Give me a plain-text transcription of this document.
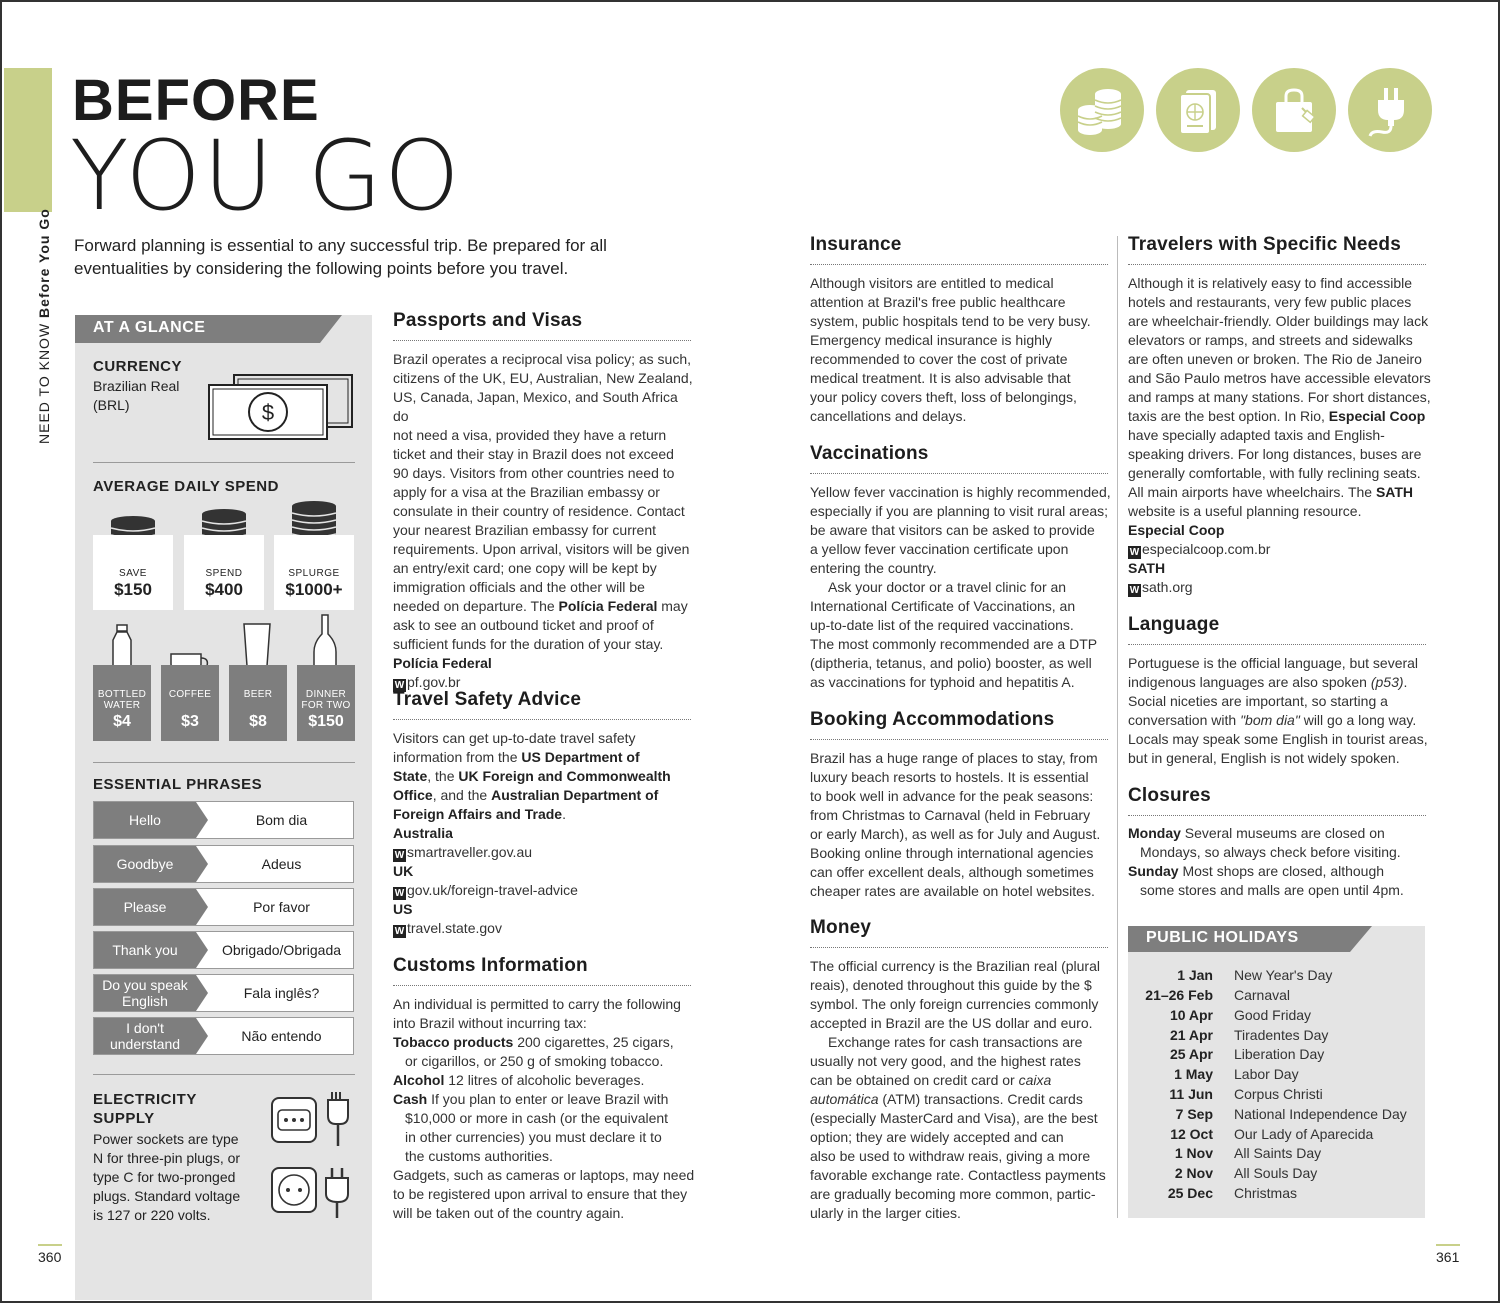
NEED TO KNOW Before You Go
BEFORE
YOU GO
Forward planning is essential to any successful trip. Be prepared for all eventualities by considering the following points before you travel.
AT A GLANCE
CURRENCY
Brazilian Real
(BRL)	$
AVERAGE DAILY SPEND
SAVE
$150
SPEND
$400
SPLURGE
$1000+
BOTTLED
WATER
$4
COFFEE

$3
BEER

$8
DINNER
FOR TWO
$150
ESSENTIAL PHRASES
Hello	Bom dia
Goodbye	Adeus
Please	Por favor
Thank you	Obrigado/Obrigada
Do you speak English	Fala inglês?
I don't understand	Não entendo
ELECTRICITY
SUPPLY
Power sockets are type
N for three-pin plugs, or
type C for two-pronged
plugs. Standard voltage
is 127 or 220 volts.
Passports and Visas
Brazil operates a reciprocal visa policy; as such,
citizens of the UK, EU, Australian, New Zealand,
US, Canada, Japan, Mexico, and South Africa do
not need a visa, provided they have a return
ticket and their stay in Brazil does not exceed
90 days. Visitors from other countries need to
apply for a visa at the Brazilian embassy or
consulate in their country of residence. Contact
your nearest Brazilian embassy for current
requirements. Upon arrival, visitors will be given
an entry/exit card; one copy will be kept by
immigration officials and the other will be
needed on departure. The Polícia Federal may
ask to see an outbound ticket and proof of
sufficient funds for the duration of your stay.
Polícia Federal
W pf.gov.br
Travel Safety Advice
Visitors can get up-to-date travel safety
information from the US Department of
State, the UK Foreign and Commonwealth
Office, and the Australian Department of
Foreign Affairs and Trade.
Australia
W smartraveller.gov.au
UK
W gov.uk/foreign-travel-advice
US
W travel.state.gov
Customs Information
An individual is permitted to carry the following
into Brazil without incurring tax:
Tobacco products 200 cigarettes, 25 cigars,
or cigarillos, or 250 g of smoking tobacco.
Alcohol 12 litres of alcoholic beverages.
Cash If you plan to enter or leave Brazil with
$10,000 or more in cash (or the equivalent
in other currencies) you must declare it to
the customs authorities.
Gadgets, such as cameras or laptops, may need
to be registered upon arrival to ensure that they
will be taken out of the country again.
Insurance
Although visitors are entitled to medical
attention at Brazil's free public healthcare
system, public hospitals tend to be very busy.
Emergency medical insurance is highly
recommended to cover the cost of private
medical treatment. It is also advisable that
your policy covers theft, loss of belongings,
cancellations and delays.
Vaccinations
Yellow fever vaccination is highly recommended,
especially if you are planning to visit rural areas;
be aware that visitors can be asked to provide
a yellow fever vaccination certificate upon
entering the country.
Ask your doctor or a travel clinic for an
International Certificate of Vaccinations, an
up-to-date list of the required vaccinations.
The most commonly recommended are a DTP
(diptheria, tetanus, and polio) booster, as well
as vaccinations for typhoid and hepatitis A.
Booking Accommodations
Brazil has a huge range of places to stay, from
luxury beach resorts to hostels. It is essential
to book well in advance for the peak seasons:
from Christmas to Carnaval (held in February
or early March), as well as for July and August.
Booking online through international agencies
can offer excellent deals, although sometimes
cheaper rates are available on hotel websites.
Money
The official currency is the Brazilian real (plural
reais), denoted throughout this guide by the $
symbol. The only foreign currencies commonly
accepted in Brazil are the US dollar and euro.
Exchange rates for cash transactions are
usually not very good, and the highest rates
can be obtained on credit card or caixa
automática (ATM) transactions. Credit cards
(especially MasterCard and Visa), are the best
option; they are widely accepted and can
also be used to withdraw reais, giving a more
favorable exchange rate. Contactless payments
are gradually becoming more common, partic-
ularly in the larger cities.
Travelers with Specific Needs
Although it is relatively easy to find accessible
hotels and restaurants, very few public places
are wheelchair-friendly. Older buildings may lack
elevators or ramps, and streets and sidewalks
are often uneven or broken. The Rio de Janeiro
and São Paulo metros have accessible elevators
and ramps at many stations. For short distances,
taxis are the best option. In Rio, Especial Coop
have specially adapted taxis and English-
speaking drivers. For long distances, buses are
generally comfortable, with fully reclining seats.
All main airports have wheelchairs. The SATH
website is a useful planning resource.
Especial Coop
W especialcoop.com.br
SATH
W sath.org
Language
Portuguese is the official language, but several
indigenous languages are also spoken (p53).
Social niceties are important, so starting a
conversation with "bom dia" will go a long way.
Locals may speak some English in tourist areas,
but in general, English is not widely spoken.
Closures
Monday Several museums are closed on
Mondays, so always check before visiting.
Sunday Most shops are closed, although
some stores and malls are open until 4pm.
PUBLIC HOLIDAYS
1 Jan New Year's Day
21–26 Feb Carnaval
10 Apr Good Friday
21 Apr Tiradentes Day
25 Apr Liberation Day
1 May Labor Day
11 Jun Corpus Christi
7 Sep National Independence Day
12 Oct Our Lady of Aparecida
1 Nov All Saints Day
2 Nov All Souls Day
25 Dec Christmas
360	361
